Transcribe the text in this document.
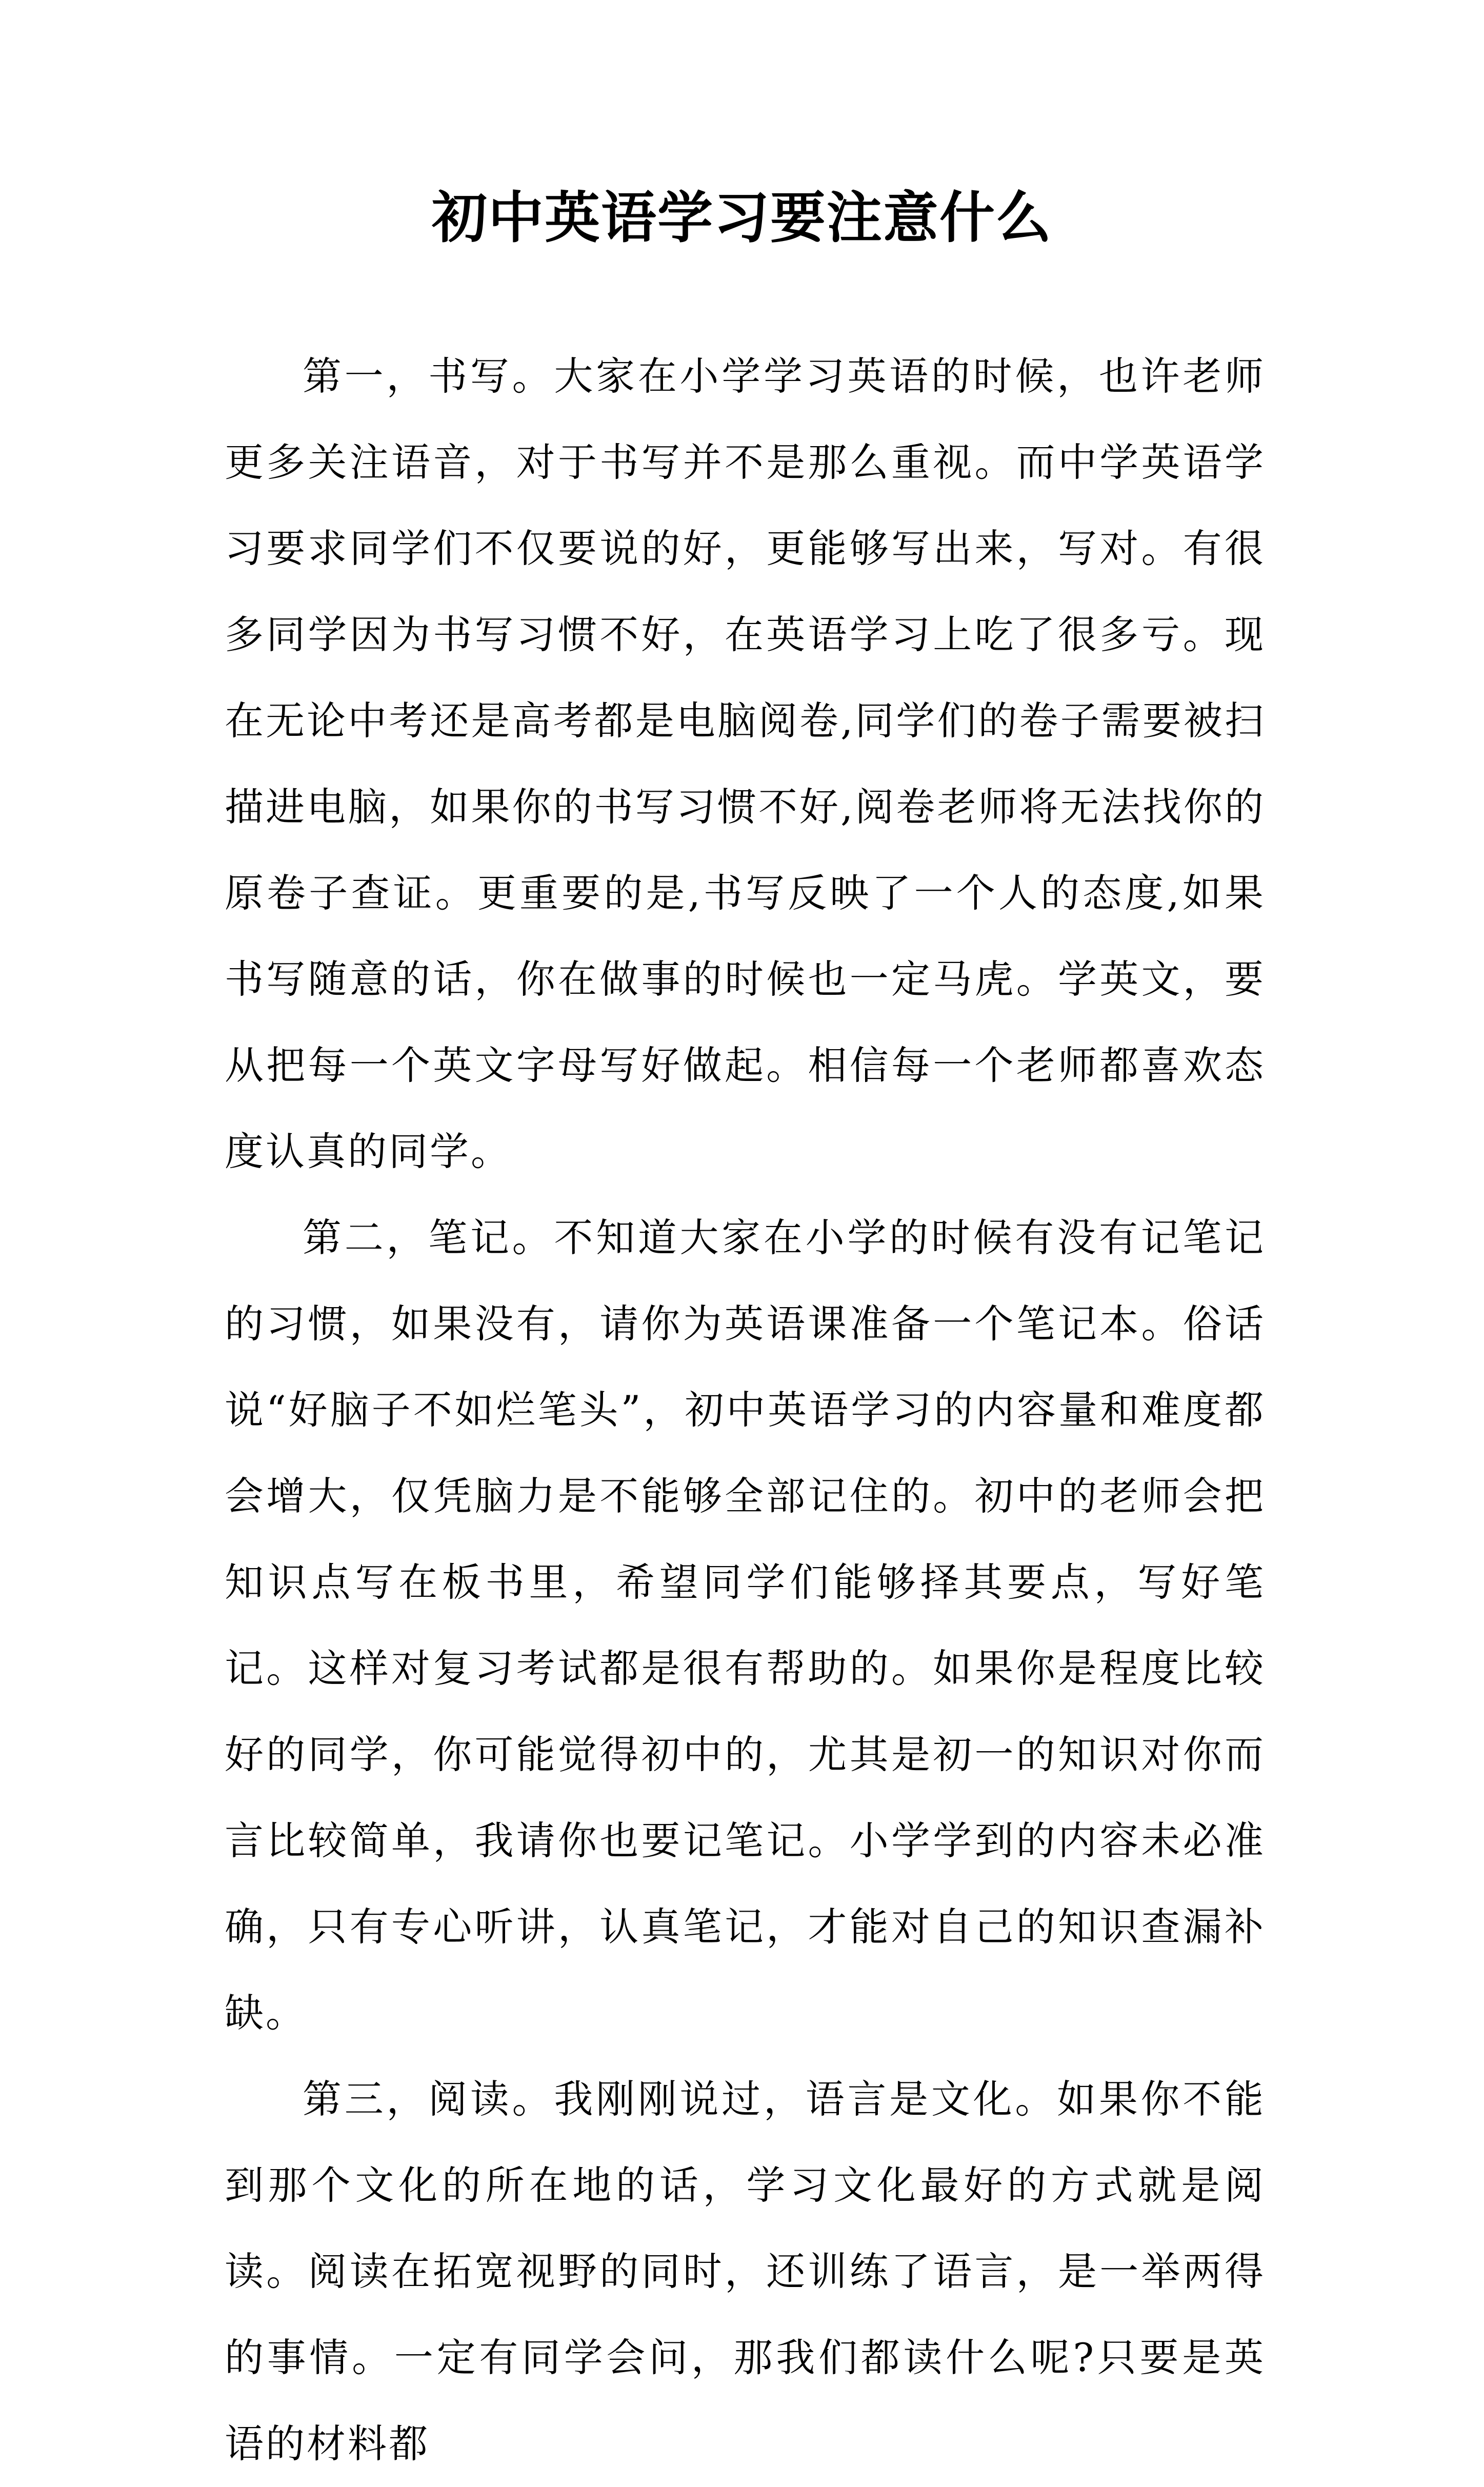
初中英语学习要注意什么

第一，书写。大家在小学学习英语的时候，也许老师更多关注语音，对于书写并不是那么重视。而中学英语学习要求同学们不仅要说的好，更能够写出来，写对。有很多同学因为书写习惯不好，在英语学习上吃了很多亏。现在无论中考还是高考都是电脑阅卷,同学们的卷子需要被扫描进电脑，如果你的书写习惯不好,阅卷老师将无法找你的原卷子查证。更重要的是,书写反映了一个人的态度,如果书写随意的话，你在做事的时候也一定马虎。学英文，要从把每一个英文字母写好做起。相信每一个老师都喜欢态度认真的同学。

第二，笔记。不知道大家在小学的时候有没有记笔记的习惯，如果没有，请你为英语课准备一个笔记本。俗话说“好脑子不如烂笔头”，初中英语学习的内容量和难度都会增大，仅凭脑力是不能够全部记住的。初中的老师会把知识点写在板书里，希望同学们能够择其要点，写好笔记。这样对复习考试都是很有帮助的。如果你是程度比较好的同学，你可能觉得初中的，尤其是初一的知识对你而言比较简单，我请你也要记笔记。小学学到的内容未必准确，只有专心听讲，认真笔记，才能对自己的知识查漏补缺。

第三，阅读。我刚刚说过，语言是文化。如果你不能到那个文化的所在地的话，学习文化最好的方式就是阅读。阅读在拓宽视野的同时，还训练了语言，是一举两得的事情。一定有同学会问，那我们都读什么呢?只要是英语的材料都
